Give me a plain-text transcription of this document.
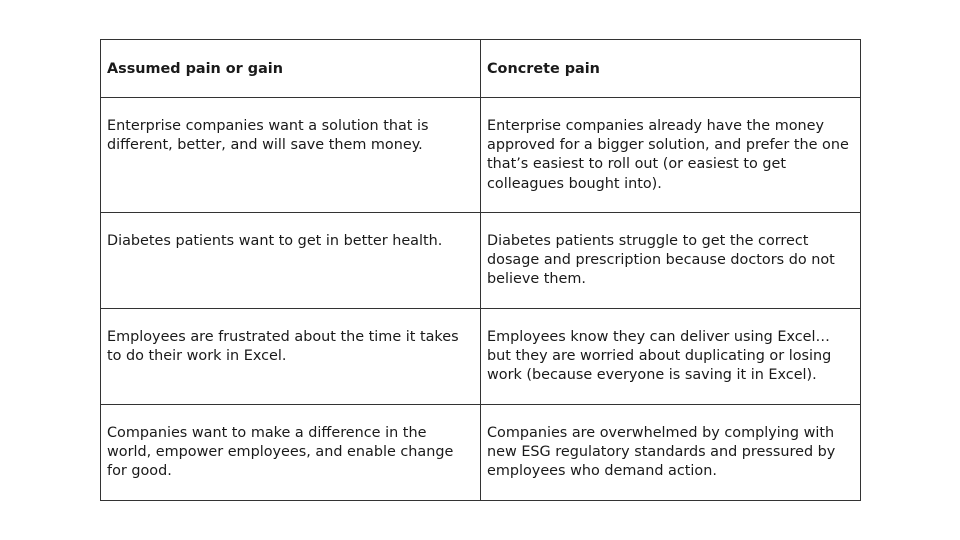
Assumed pain or gain	Concrete pain
Enterprise companies want a solution that is different, better, and will save them money.	Enterprise companies already have the money approved for a bigger solution, and prefer the one that’s easiest to roll out (or easiest to get colleagues bought into).
Diabetes patients want to get in better health.	Diabetes patients struggle to get the correct dosage and prescription because doctors do not believe them.
Employees are frustrated about the time it takes to do their work in Excel.	Employees know they can deliver using Excel… but they are worried about duplicating or losing work (because everyone is saving it in Excel).
Companies want to make a difference in the world, empower employees, and enable change for good.	Companies are overwhelmed by complying with new ESG regulatory standards and pressured by employees who demand action.
